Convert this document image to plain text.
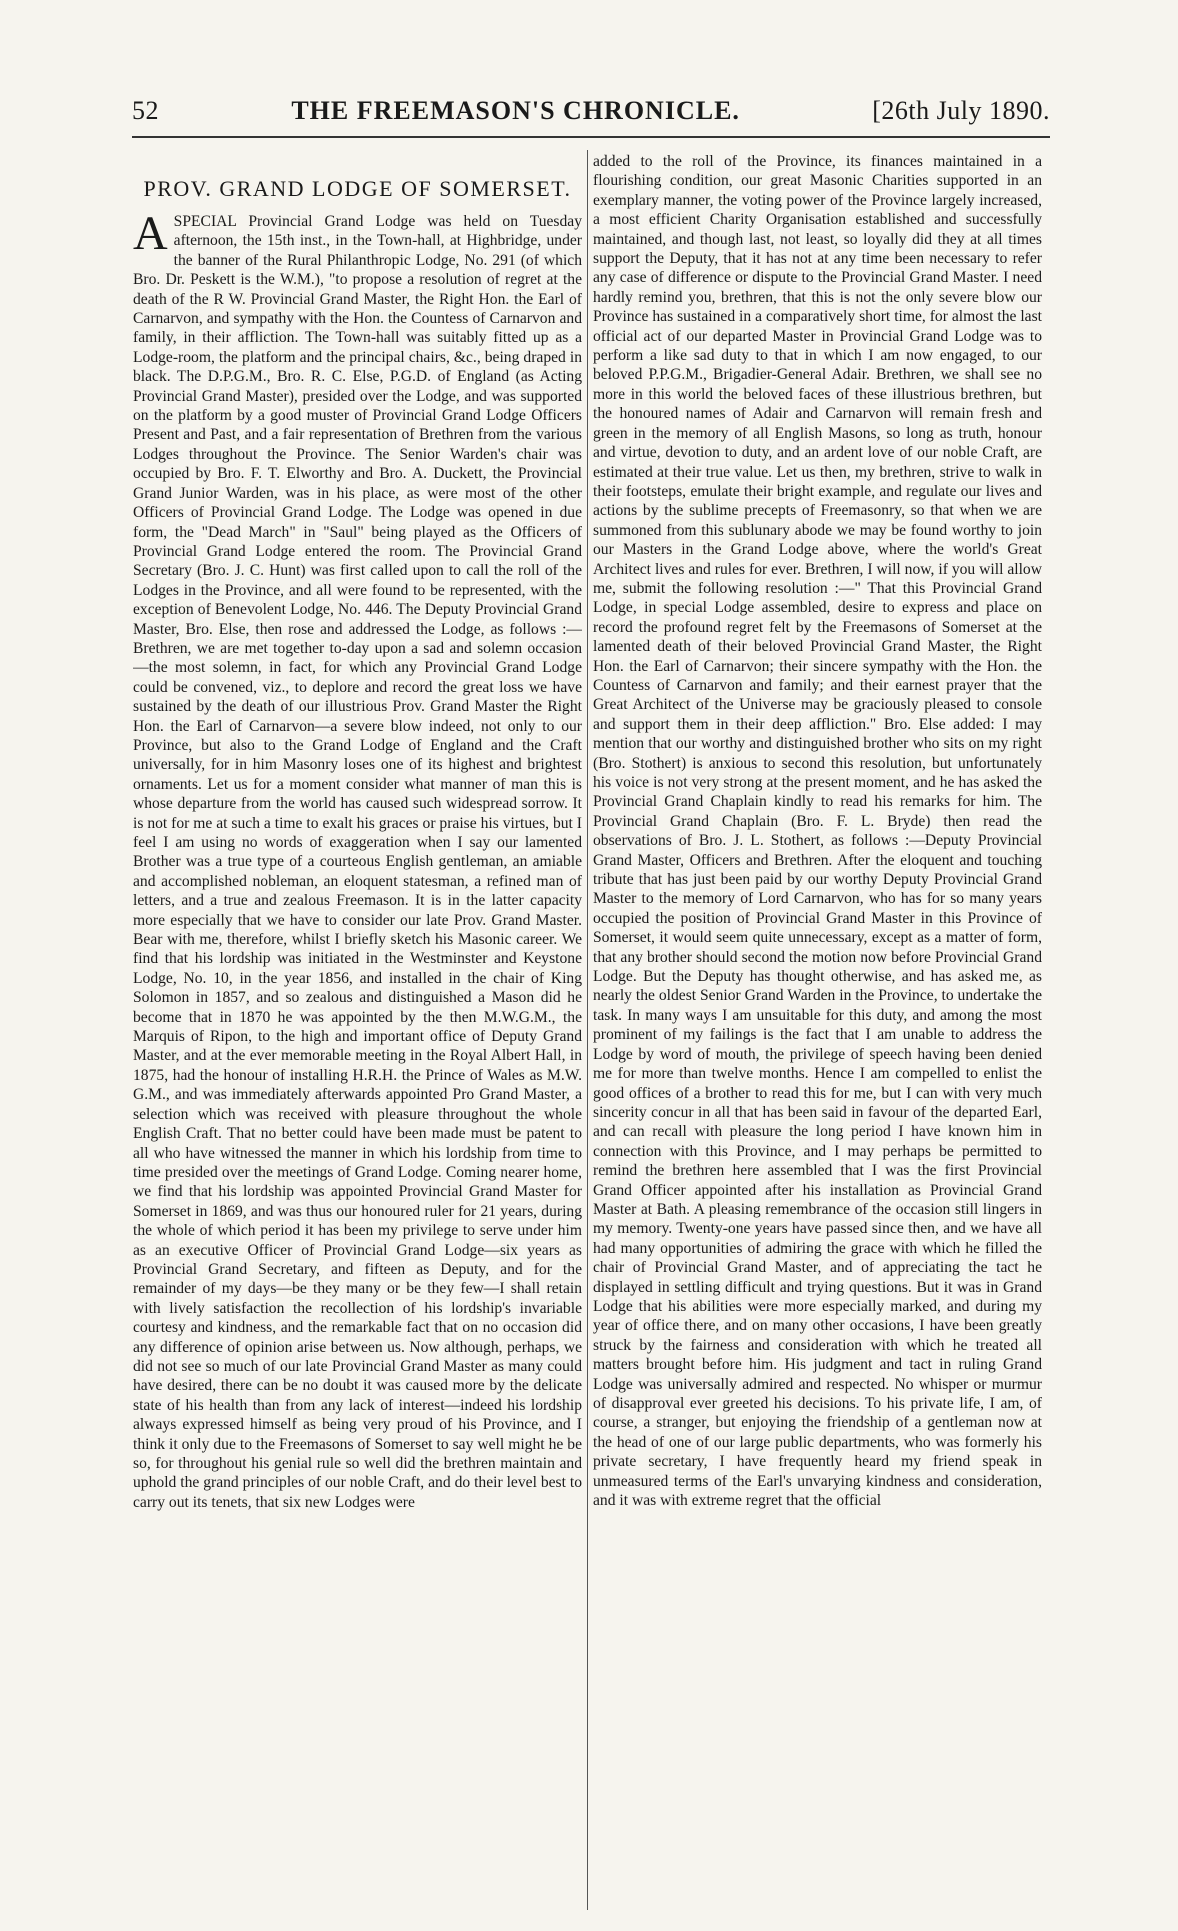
52	THE FREEMASON'S CHRONICLE.	[26th July 1890.
PROV. GRAND LODGE OF SOMERSET.

ASPECIAL Provincial Grand Lodge was held on Tuesday afternoon, the 15th inst., in the Town-hall, at Highbridge, under the banner of the Rural Philanthropic Lodge, No. 291 (of which Bro. Dr. Peskett is the W.M.), "to propose a resolution of regret at the death of the R W. Provincial Grand Master, the Right Hon. the Earl of Carnarvon, and sympathy with the Hon. the Countess of Carnarvon and family, in their affliction. The Town-hall was suitably fitted up as a Lodge-room, the platform and the principal chairs, &c., being draped in black. The D.P.G.M., Bro. R. C. Else, P.G.D. of England (as Acting Provincial Grand Master), presided over the Lodge, and was supported on the platform by a good muster of Provincial Grand Lodge Officers Present and Past, and a fair representation of Brethren from the various Lodges throughout the Province. The Senior Warden's chair was occupied by Bro. F. T. Elworthy and Bro. A. Duckett, the Provincial Grand Junior Warden, was in his place, as were most of the other Officers of Provincial Grand Lodge. The Lodge was opened in due form, the "Dead March" in "Saul" being played as the Officers of Provincial Grand Lodge entered the room. The Provincial Grand Secretary (Bro. J. C. Hunt) was first called upon to call the roll of the Lodges in the Province, and all were found to be represented, with the exception of Benevolent Lodge, No. 446. The Deputy Provincial Grand Master, Bro. Else, then rose and addressed the Lodge, as follows :—Brethren, we are met together to-day upon a sad and solemn occasion—the most solemn, in fact, for which any Provincial Grand Lodge could be convened, viz., to deplore and record the great loss we have sustained by the death of our illustrious Prov. Grand Master the Right Hon. the Earl of Carnarvon—a severe blow indeed, not only to our Province, but also to the Grand Lodge of England and the Craft universally, for in him Masonry loses one of its highest and brightest ornaments. Let us for a moment consider what manner of man this is whose departure from the world has caused such widespread sorrow. It is not for me at such a time to exalt his graces or praise his virtues, but I feel I am using no words of exaggeration when I say our lamented Brother was a true type of a courteous English gentleman, an amiable and accomplished nobleman, an eloquent statesman, a refined man of letters, and a true and zealous Freemason. It is in the latter capacity more especially that we have to consider our late Prov. Grand Master. Bear with me, therefore, whilst I briefly sketch his Masonic career. We find that his lordship was initiated in the Westminster and Keystone Lodge, No. 10, in the year 1856, and installed in the chair of King Solomon in 1857, and so zealous and distinguished a Mason did he become that in 1870 he was appointed by the then M.W.G.M., the Marquis of Ripon, to the high and important office of Deputy Grand Master, and at the ever memorable meeting in the Royal Albert Hall, in 1875, had the honour of installing H.R.H. the Prince of Wales as M.W. G.M., and was immediately afterwards appointed Pro Grand Master, a selection which was received with pleasure throughout the whole English Craft. That no better could have been made must be patent to all who have witnessed the manner in which his lordship from time to time presided over the meetings of Grand Lodge. Coming nearer home, we find that his lordship was appointed Provincial Grand Master for Somerset in 1869, and was thus our honoured ruler for 21 years, during the whole of which period it has been my privilege to serve under him as an executive Officer of Provincial Grand Lodge—six years as Provincial Grand Secretary, and fifteen as Deputy, and for the remainder of my days—be they many or be they few—I shall retain with lively satisfaction the recollection of his lordship's invariable courtesy and kindness, and the remarkable fact that on no occasion did any difference of opinion arise between us. Now although, perhaps, we did not see so much of our late Provincial Grand Master as many could have desired, there can be no doubt it was caused more by the delicate state of his health than from any lack of interest—indeed his lordship always expressed himself as being very proud of his Province, and I think it only due to the Freemasons of Somerset to say well might he be so, for throughout his genial rule so well did the brethren maintain and uphold the grand principles of our noble Craft, and do their level best to carry out its tenets, that six new Lodges were

added to the roll of the Province, its finances maintained in a flourishing condition, our great Masonic Charities supported in an exemplary manner, the voting power of the Province largely increased, a most efficient Charity Organisation established and successfully maintained, and though last, not least, so loyally did they at all times support the Deputy, that it has not at any time been necessary to refer any case of difference or dispute to the Provincial Grand Master. I need hardly remind you, brethren, that this is not the only severe blow our Province has sustained in a comparatively short time, for almost the last official act of our departed Master in Provincial Grand Lodge was to perform a like sad duty to that in which I am now engaged, to our beloved P.P.G.M., Brigadier-General Adair. Brethren, we shall see no more in this world the beloved faces of these illustrious brethren, but the honoured names of Adair and Carnarvon will remain fresh and green in the memory of all English Masons, so long as truth, honour and virtue, devotion to duty, and an ardent love of our noble Craft, are estimated at their true value. Let us then, my brethren, strive to walk in their footsteps, emulate their bright example, and regulate our lives and actions by the sublime precepts of Freemasonry, so that when we are summoned from this sublunary abode we may be found worthy to join our Masters in the Grand Lodge above, where the world's Great Architect lives and rules for ever. Brethren, I will now, if you will allow me, submit the following resolution :—" That this Provincial Grand Lodge, in special Lodge assembled, desire to express and place on record the profound regret felt by the Freemasons of Somerset at the lamented death of their beloved Provincial Grand Master, the Right Hon. the Earl of Carnarvon; their sincere sympathy with the Hon. the Countess of Carnarvon and family; and their earnest prayer that the Great Architect of the Universe may be graciously pleased to console and support them in their deep affliction." Bro. Else added: I may mention that our worthy and distinguished brother who sits on my right (Bro. Stothert) is anxious to second this resolution, but unfortunately his voice is not very strong at the present moment, and he has asked the Provincial Grand Chaplain kindly to read his remarks for him. The Provincial Grand Chaplain (Bro. F. L. Bryde) then read the observations of Bro. J. L. Stothert, as follows :—Deputy Provincial Grand Master, Officers and Brethren. After the eloquent and touching tribute that has just been paid by our worthy Deputy Provincial Grand Master to the memory of Lord Carnarvon, who has for so many years occupied the position of Provincial Grand Master in this Province of Somerset, it would seem quite unnecessary, except as a matter of form, that any brother should second the motion now before Provincial Grand Lodge. But the Deputy has thought otherwise, and has asked me, as nearly the oldest Senior Grand Warden in the Province, to undertake the task. In many ways I am unsuitable for this duty, and among the most prominent of my failings is the fact that I am unable to address the Lodge by word of mouth, the privilege of speech having been denied me for more than twelve months. Hence I am compelled to enlist the good offices of a brother to read this for me, but I can with very much sincerity concur in all that has been said in favour of the departed Earl, and can recall with pleasure the long period I have known him in connection with this Province, and I may perhaps be permitted to remind the brethren here assembled that I was the first Provincial Grand Officer appointed after his installation as Provincial Grand Master at Bath. A pleasing remembrance of the occasion still lingers in my memory. Twenty-one years have passed since then, and we have all had many opportunities of admiring the grace with which he filled the chair of Provincial Grand Master, and of appreciating the tact he displayed in settling difficult and trying questions. But it was in Grand Lodge that his abilities were more especially marked, and during my year of office there, and on many other occasions, I have been greatly struck by the fairness and consideration with which he treated all matters brought before him. His judgment and tact in ruling Grand Lodge was universally admired and respected. No whisper or murmur of disapproval ever greeted his decisions. To his private life, I am, of course, a stranger, but enjoying the friendship of a gentleman now at the head of one of our large public departments, who was formerly his private secretary, I have frequently heard my friend speak in unmeasured terms of the Earl's unvarying kindness and consideration, and it was with extreme regret that the official
